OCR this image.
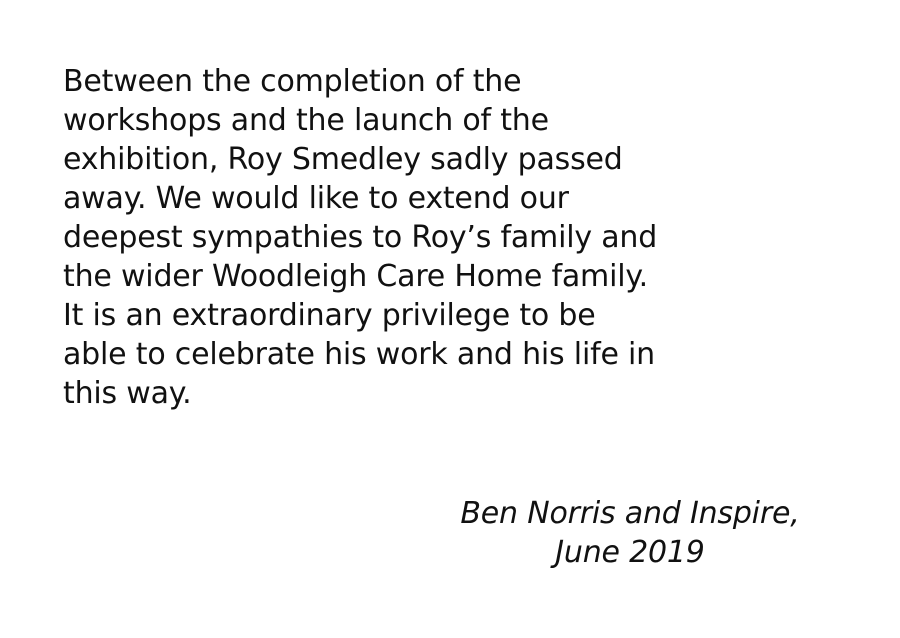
Between the completion of the
workshops and the launch of the
exhibition, Roy Smedley sadly passed
away. We would like to extend our
deepest sympathies to Roy’s family and
the wider Woodleigh Care Home family.
It is an extraordinary privilege to be
able to celebrate his work and his life in
this way.

Ben Norris and Inspire,
June 2019
